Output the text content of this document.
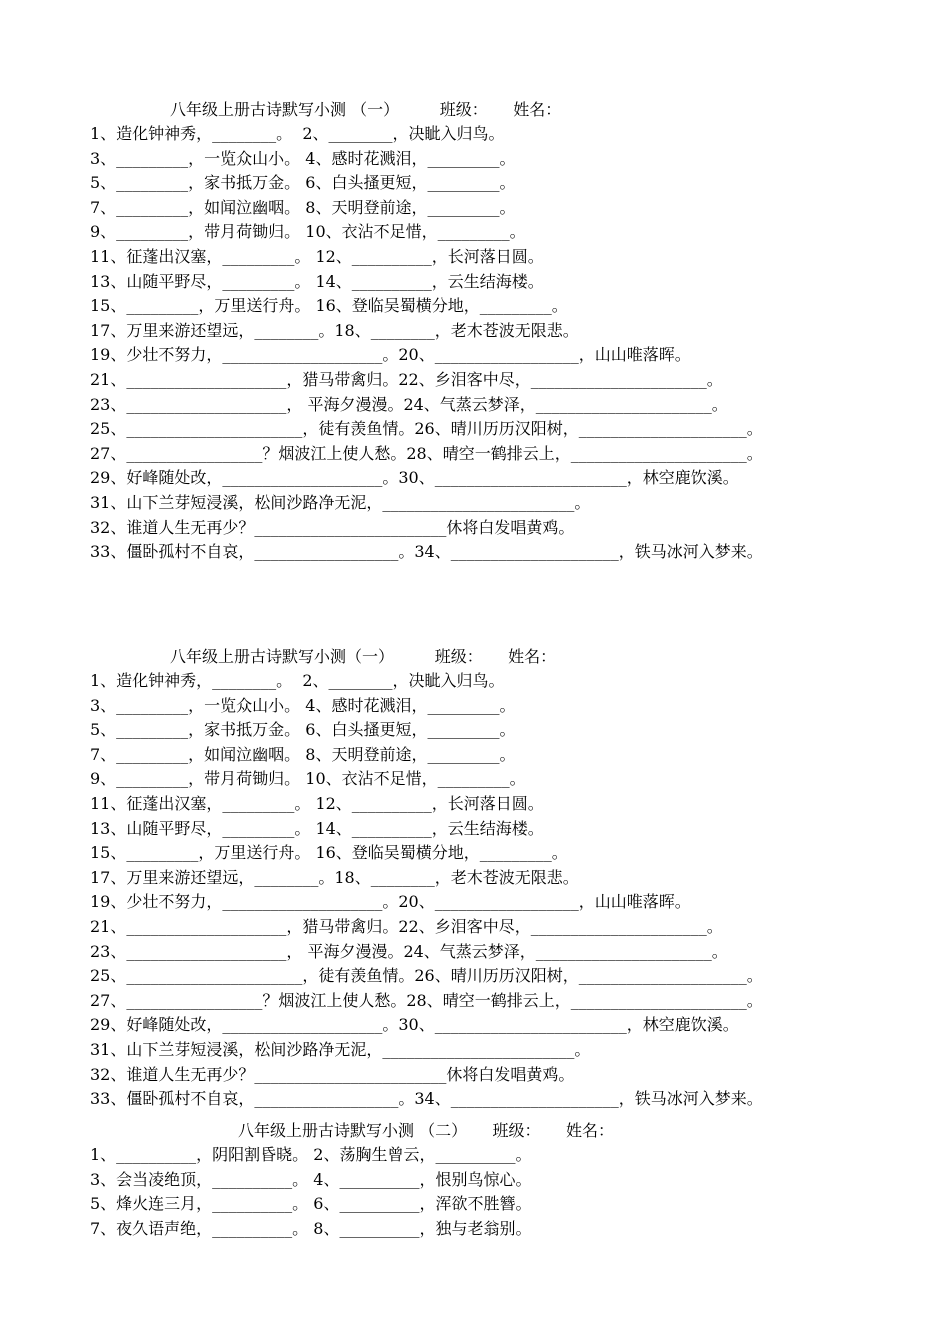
八年级上册古诗默写小测 （一）        班级：     姓名：
1、造化钟神秀，________。  2、________，决眦入归鸟。
3、_________，一览众山小。 4、感时花溅泪，_________。
5、_________，家书抵万金。 6、白头搔更短，_________。
7、_________，如闻泣幽咽。 8、天明登前途，_________。
9、_________，带月荷锄归。 10、衣沾不足惜，_________。
11、征蓬出汉塞，_________。 12、__________，长河落日圆。
13、山随平野尽，_________。 14、__________，云生结海楼。
15、_________，万里送行舟。 16、登临吴蜀横分地，_________。
17、万里来游还望远，________。18、________，老木苍波无限悲。
19、少壮不努力，____________________。20、__________________，山山唯落晖。
21、____________________，猎马带禽归。22、乡泪客中尽，______________________。
23、____________________， 平海夕漫漫。24、气蒸云梦泽，______________________。
25、______________________，徒有羡鱼情。26、晴川历历汉阳树，_____________________。
27、_________________？烟波江上使人愁。28、晴空一鹤排云上，______________________。
29、好峰随处改，____________________。30、________________________，林空鹿饮溪。
31、山下兰芽短浸溪，松间沙路净无泥，________________________。
32、谁道人生无再少？________________________休将白发唱黄鸡。
33、僵卧孤村不自哀，__________________。34、_____________________，铁马冰河入梦来。
八年级上册古诗默写小测（一）        班级：     姓名：
1、造化钟神秀，________。  2、________，决眦入归鸟。
3、_________，一览众山小。 4、感时花溅泪，_________。
5、_________，家书抵万金。 6、白头搔更短，_________。
7、_________，如闻泣幽咽。 8、天明登前途，_________。
9、_________，带月荷锄归。 10、衣沾不足惜，_________。
11、征蓬出汉塞，_________。 12、__________，长河落日圆。
13、山随平野尽，_________。 14、__________，云生结海楼。
15、_________，万里送行舟。 16、登临吴蜀横分地，_________。
17、万里来游还望远，________。18、________，老木苍波无限悲。
19、少壮不努力，____________________。20、__________________，山山唯落晖。
21、____________________，猎马带禽归。22、乡泪客中尽，______________________。
23、____________________， 平海夕漫漫。24、气蒸云梦泽，______________________。
25、______________________，徒有羡鱼情。26、晴川历历汉阳树，_____________________。
27、_________________？烟波江上使人愁。28、晴空一鹤排云上，______________________。
29、好峰随处改，____________________。30、________________________，林空鹿饮溪。
31、山下兰芽短浸溪，松间沙路净无泥，________________________。
32、谁道人生无再少？________________________休将白发唱黄鸡。
33、僵卧孤村不自哀，__________________。34、_____________________，铁马冰河入梦来。
八年级上册古诗默写小测 （二）     班级：     姓名：
1、__________，阴阳割昏晓。 2、荡胸生曾云，__________。
3、会当凌绝顶，__________。 4、__________，恨别鸟惊心。
5、烽火连三月，__________。 6、__________，浑欲不胜簪。
7、夜久语声绝，__________。 8、__________，独与老翁别。
